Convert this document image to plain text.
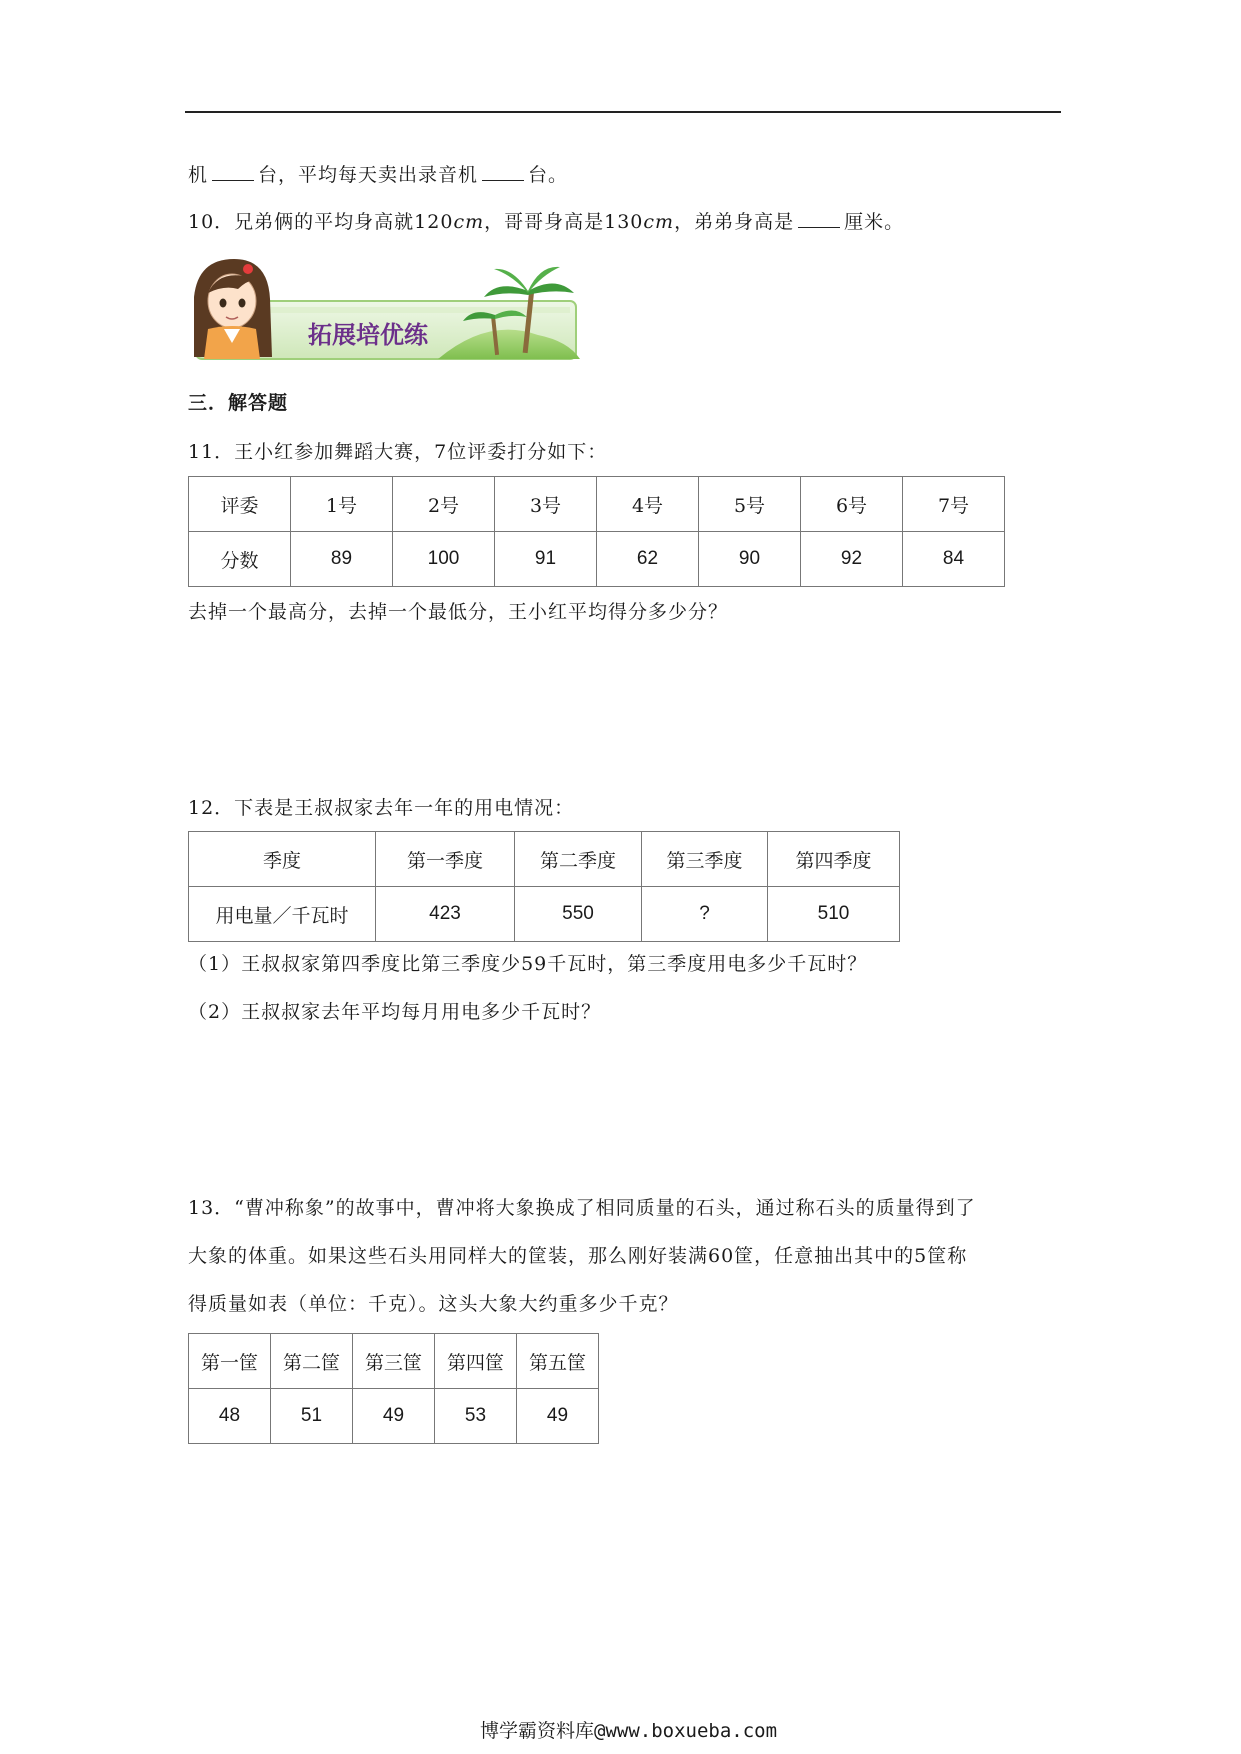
机	台，平均每天卖出录音机	台。
10．兄弟俩的平均身高就120cm，哥哥身高是130cm，弟弟身高是	厘米。
拓展培优练
三．解答题
11．王小红参加舞蹈大赛，7位评委打分如下：
评委	1号	2号	3号	4号	5号	6号	7号
分数	89	100	91	62	90	92	84
去掉一个最高分，去掉一个最低分，王小红平均得分多少分？
12．下表是王叔叔家去年一年的用电情况：
季度	第一季度	第二季度	第三季度	第四季度
用电量／千瓦时	423	550	?	510
（1）王叔叔家第四季度比第三季度少59千瓦时，第三季度用电多少千瓦时？
（2）王叔叔家去年平均每月用电多少千瓦时？
13．“曹冲称象”的故事中，曹冲将大象换成了相同质量的石头，通过称石头的质量得到了
大象的体重。如果这些石头用同样大的筐装，那么刚好装满60筐，任意抽出其中的5筐称
得质量如表（单位：千克）。这头大象大约重多少千克？
第一筐	第二筐	第三筐	第四筐	第五筐
48	51	49	53	49
博学霸资料库@www.boxueba.com
